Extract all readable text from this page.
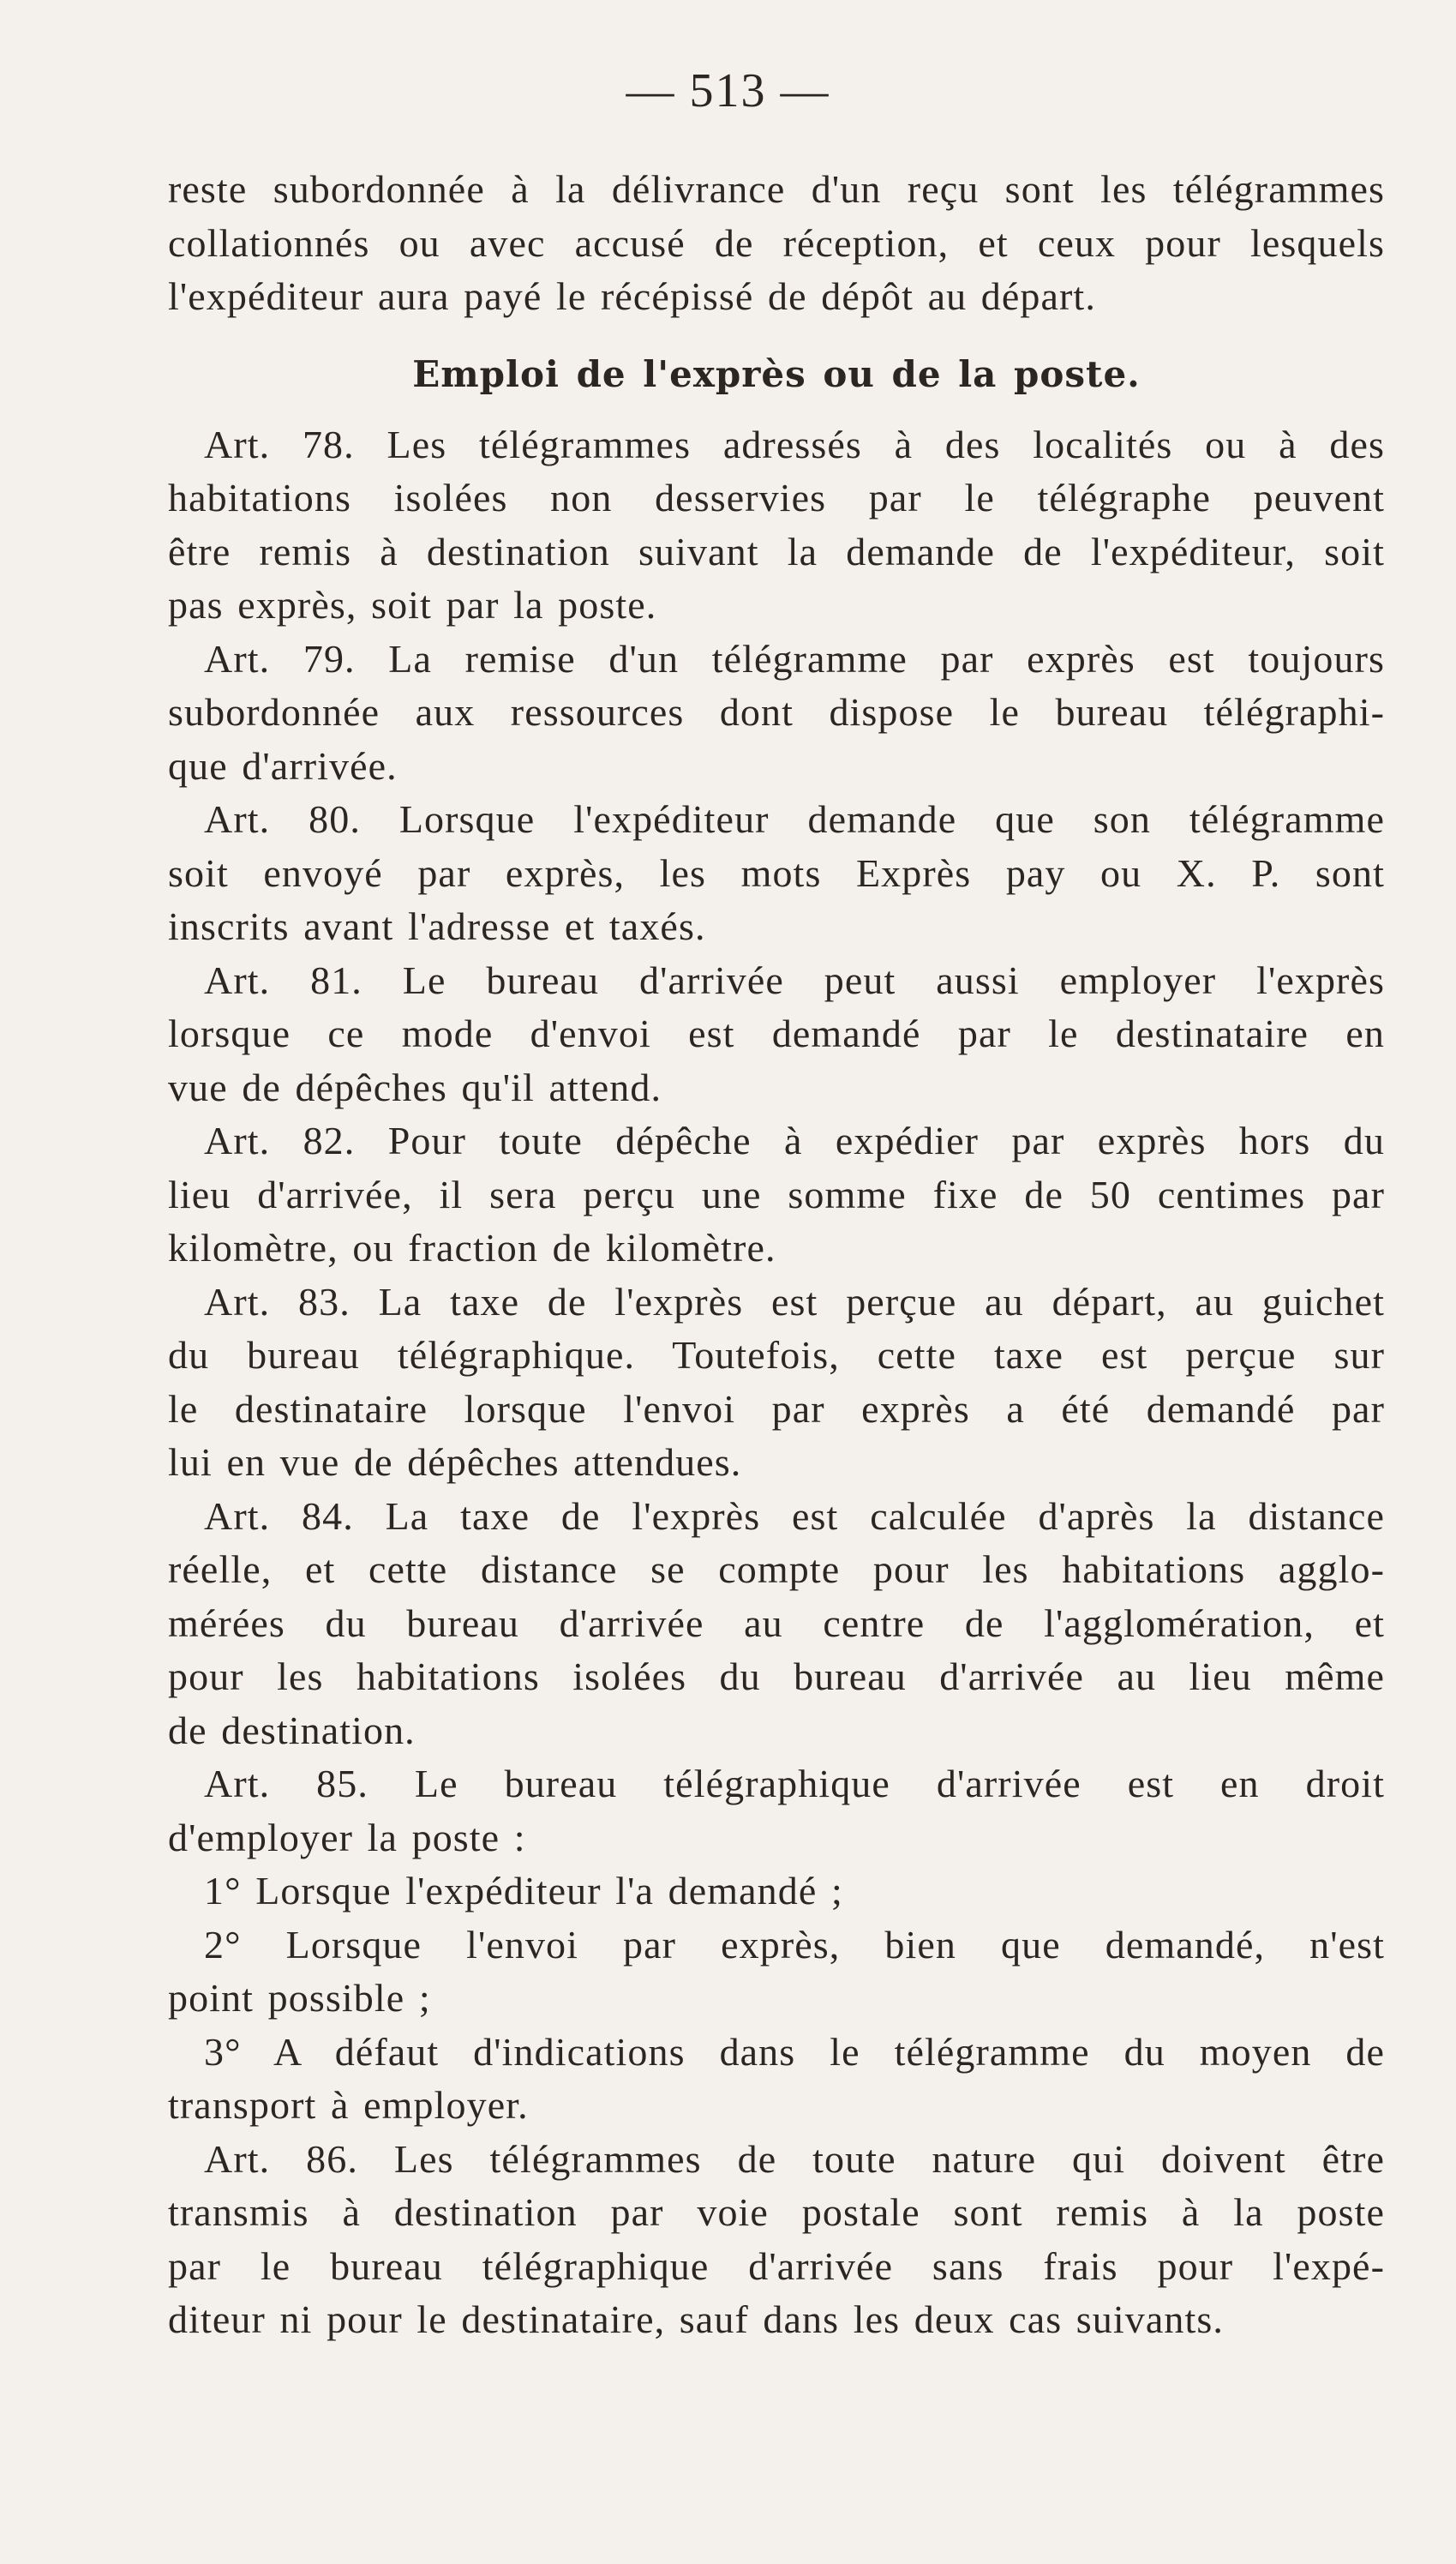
— 513 —
reste subordonnée à la délivrance d'un reçu sont les télégrammes
collationnés ou avec accusé de réception, et ceux pour lesquels
l'expéditeur aura payé le récépissé de dépôt au départ.
Emploi de l'exprès ou de la poste.
Art. 78. Les télégrammes adressés à des localités ou à des
habitations isolées non desservies par le télégraphe peuvent
être remis à destination suivant la demande de l'expéditeur, soit
pas exprès, soit par la poste.
Art. 79. La remise d'un télégramme par exprès est toujours
subordonnée aux ressources dont dispose le bureau télégraphi-
que d'arrivée.
Art. 80. Lorsque l'expéditeur demande que son télégramme
soit envoyé par exprès, les mots Exprès pay ou X. P. sont
inscrits avant l'adresse et taxés.
Art. 81. Le bureau d'arrivée peut aussi employer l'exprès
lorsque ce mode d'envoi est demandé par le destinataire en
vue de dépêches qu'il attend.
Art. 82. Pour toute dépêche à expédier par exprès hors du
lieu d'arrivée, il sera perçu une somme fixe de 50 centimes par
kilomètre, ou fraction de kilomètre.
Art. 83. La taxe de l'exprès est perçue au départ, au guichet
du bureau télégraphique. Toutefois, cette taxe est perçue sur
le destinataire lorsque l'envoi par exprès a été demandé par
lui en vue de dépêches attendues.
Art. 84. La taxe de l'exprès est calculée d'après la distance
réelle, et cette distance se compte pour les habitations agglo-
mérées du bureau d'arrivée au centre de l'agglomération, et
pour les habitations isolées du bureau d'arrivée au lieu même
de destination.
Art. 85. Le bureau télégraphique d'arrivée est en droit
d'employer la poste :
1° Lorsque l'expéditeur l'a demandé ;
2° Lorsque l'envoi par exprès, bien que demandé, n'est
point possible ;
3° A défaut d'indications dans le télégramme du moyen de
transport à employer.
Art. 86. Les télégrammes de toute nature qui doivent être
transmis à destination par voie postale sont remis à la poste
par le bureau télégraphique d'arrivée sans frais pour l'expé-
diteur ni pour le destinataire, sauf dans les deux cas suivants.
